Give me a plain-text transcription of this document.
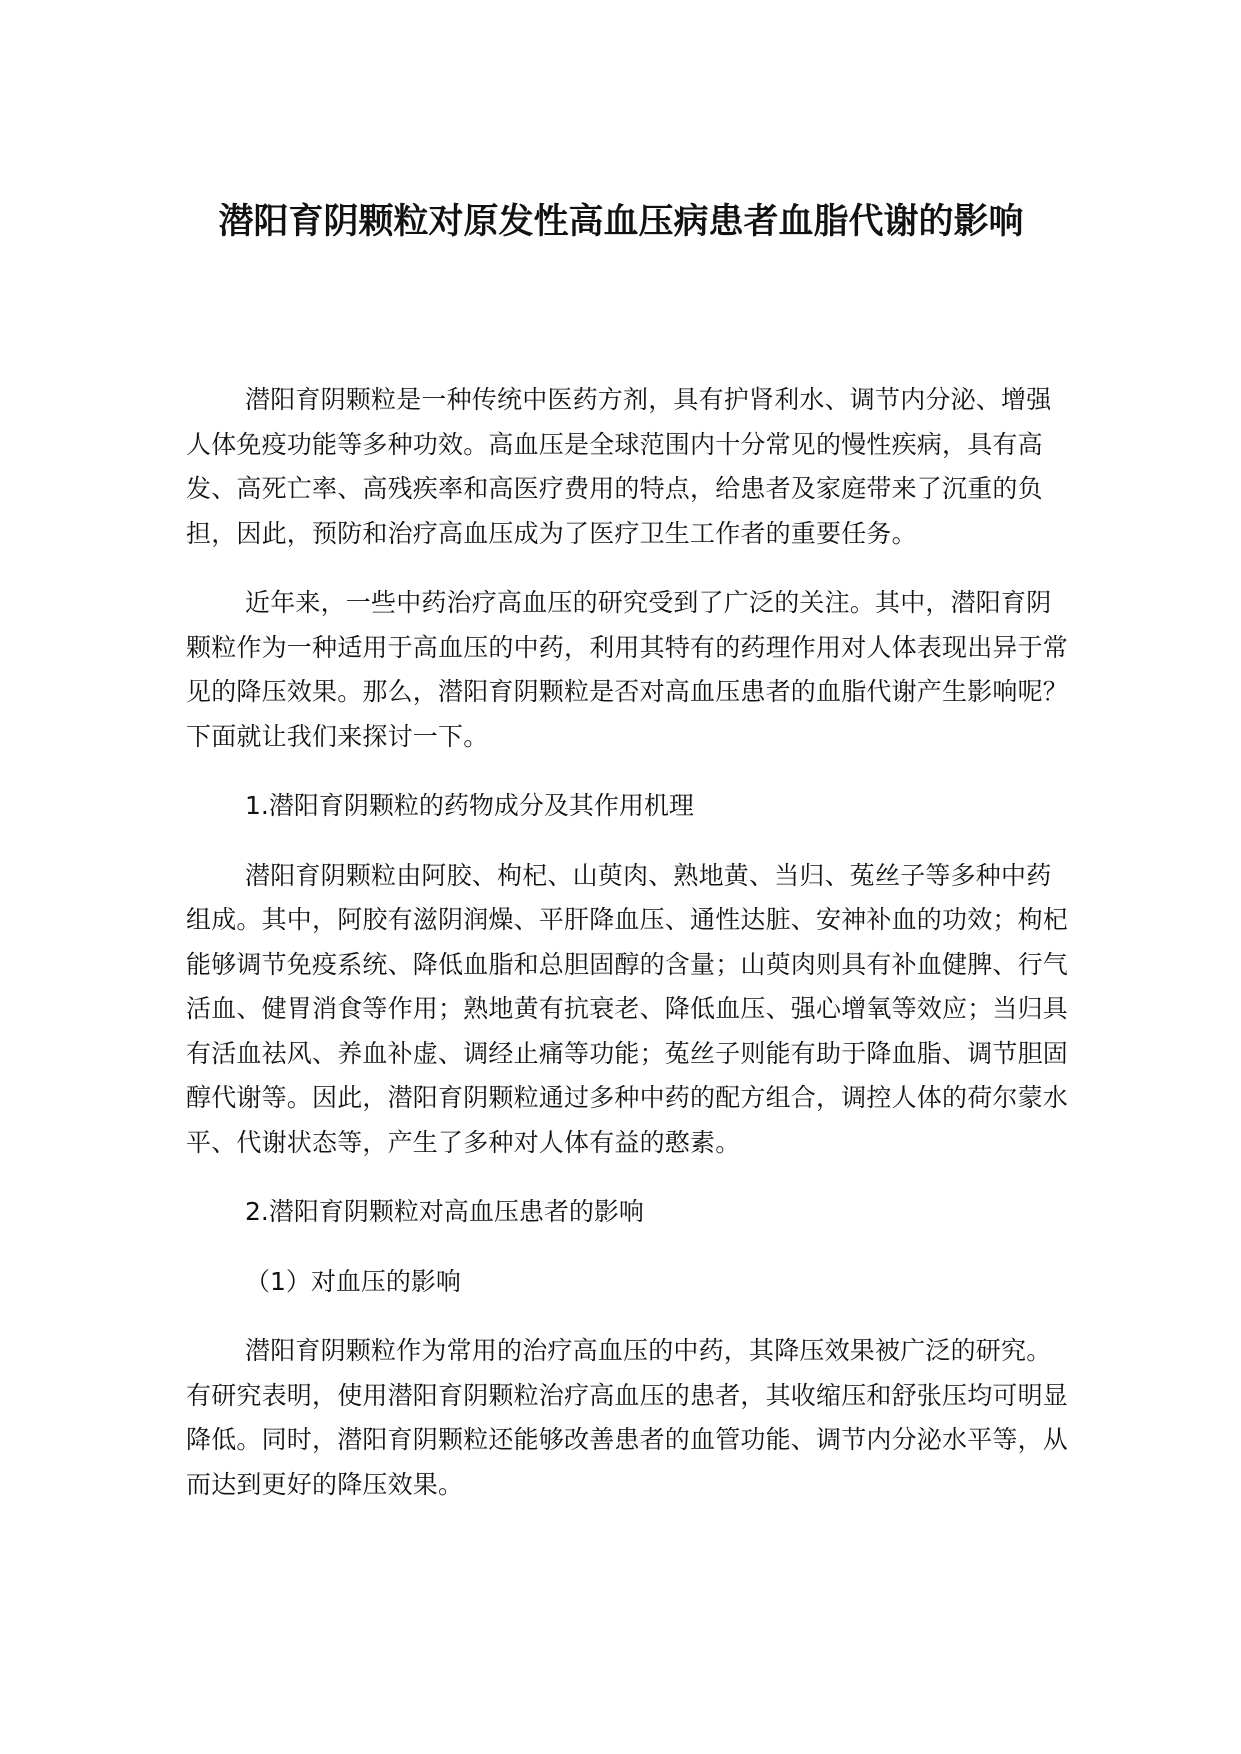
潜阳育阴颗粒对原发性高血压病患者血脂代谢的影响

潜阳育阴颗粒是一种传统中医药方剂，具有护肾利水、调节内分泌、增强人体免疫功能等多种功效。高血压是全球范围内十分常见的慢性疾病，具有高发、高死亡率、高残疾率和高医疗费用的特点，给患者及家庭带来了沉重的负担，因此，预防和治疗高血压成为了医疗卫生工作者的重要任务。

近年来，一些中药治疗高血压的研究受到了广泛的关注。其中，潜阳育阴颗粒作为一种适用于高血压的中药，利用其特有的药理作用对人体表现出异于常见的降压效果。那么，潜阳育阴颗粒是否对高血压患者的血脂代谢产生影响呢？下面就让我们来探讨一下。

1.潜阳育阴颗粒的药物成分及其作用机理

潜阳育阴颗粒由阿胶、枸杞、山萸肉、熟地黄、当归、菟丝子等多种中药组成。其中，阿胶有滋阴润燥、平肝降血压、通性达脏、安神补血的功效；枸杞能够调节免疫系统、降低血脂和总胆固醇的含量；山萸肉则具有补血健脾、行气活血、健胃消食等作用；熟地黄有抗衰老、降低血压、强心增氧等效应；当归具有活血祛风、养血补虚、调经止痛等功能；菟丝子则能有助于降血脂、调节胆固醇代谢等。因此，潜阳育阴颗粒通过多种中药的配方组合，调控人体的荷尔蒙水平、代谢状态等，产生了多种对人体有益的憨素。

2.潜阳育阴颗粒对高血压患者的影响

（1）对血压的影响

潜阳育阴颗粒作为常用的治疗高血压的中药，其降压效果被广泛的研究。有研究表明，使用潜阳育阴颗粒治疗高血压的患者，其收缩压和舒张压均可明显降低。同时，潜阳育阴颗粒还能够改善患者的血管功能、调节内分泌水平等，从而达到更好的降压效果。
